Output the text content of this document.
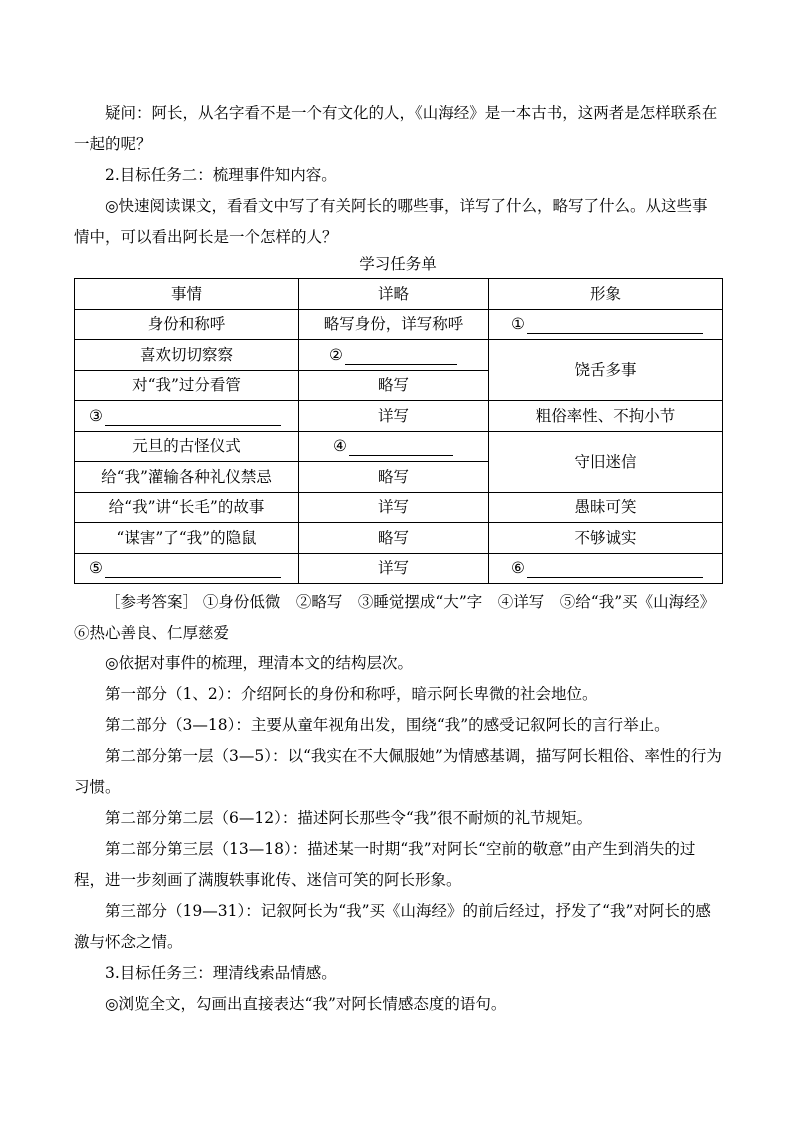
疑问：阿长，从名字看不是一个有文化的人，《山海经》是一本古书，这两者是怎样联系在一起的呢？

2.目标任务二：梳理事件知内容。

◎快速阅读课文，看看文中写了有关阿长的哪些事，详写了什么，略写了什么。从这些事情中，可以看出阿长是一个怎样的人？

学习任务单

事情	详略	形象
身份和称呼	略写身份，详写称呼	①

喜欢切切察察	②	饶舌多事
对“我”过分看管	略写	

③	详写	粗俗率性、不拘小节
元旦的古怪仪式	④	守旧迷信
给“我”灌输各种礼仪禁忌	略写	
给“我”讲“长毛”的故事	详写	愚昧可笑
“谋害”了“我”的隐鼠	略写	不够诚实

⑤	详写	⑥

［参考答案］ ①身份低微　②略写　③睡觉摆成“大”字　④详写　⑤给“我”买《山海经》　⑥热心善良、仁厚慈爱

◎依据对事件的梳理，理清本文的结构层次。

第一部分（1、2）：介绍阿长的身份和称呼，暗示阿长卑微的社会地位。

第二部分（3—18）：主要从童年视角出发，围绕“我”的感受记叙阿长的言行举止。

第二部分第一层（3—5）：以“我实在不大佩服她”为情感基调，描写阿长粗俗、率性的行为习惯。

第二部分第二层（6—12）：描述阿长那些令“我”很不耐烦的礼节规矩。

第二部分第三层（13—18）：描述某一时期“我”对阿长“空前的敬意”由产生到消失的过程，进一步刻画了满腹轶事讹传、迷信可笑的阿长形象。

第三部分（19—31）：记叙阿长为“我”买《山海经》的前后经过，抒发了“我”对阿长的感激与怀念之情。

3.目标任务三：理清线索品情感。

◎浏览全文，勾画出直接表达“我”对阿长情感态度的语句。
